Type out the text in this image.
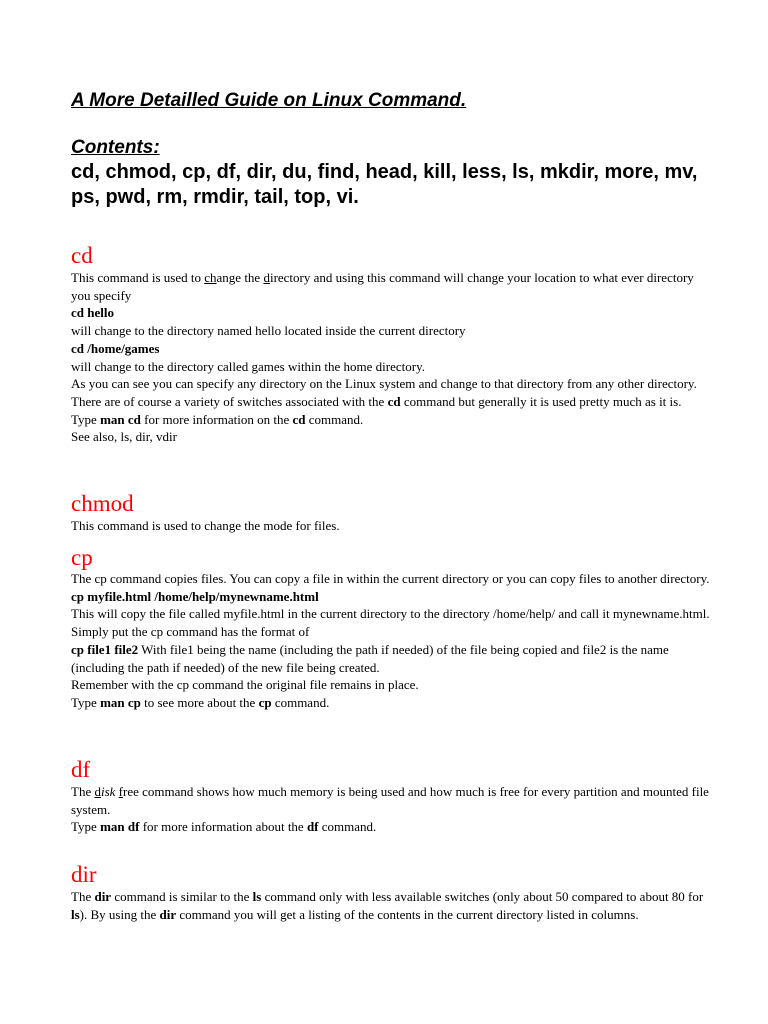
A More Detailled Guide on Linux Command.
Contents:
cd, chmod, cp, df, dir, du, find, head, kill, less, ls, mkdir, more, mv, ps, pwd, rm, rmdir, tail, top, vi.
cd

This command is used to change the directory and using this command will change your location to what ever directory you specify

cd hello

will change to the directory named hello located inside the current directory

cd /home/games

will change to the directory called games within the home directory.

As you can see you can specify any directory on the Linux system and change to that directory from any other directory. There are of course a variety of switches associated with the cd command but generally it is used pretty much as it is.

Type man cd for more information on the cd command.

See also, ls, dir, vdir

chmod

This command is used to change the mode for files.

cp

The cp command copies files. You can copy a file in within the current directory or you can copy files to another directory.

cp myfile.html /home/help/mynewname.html

This will copy the file called myfile.html in the current directory to the directory /home/help/ and call it mynewname.html.

Simply put the cp command has the format of

cp file1 file2 With file1 being the name (including the path if needed) of the file being copied and file2 is the name (including the path if needed) of the new file being created.

Remember with the cp command the original file remains in place.

Type man cp to see more about the cp command.

df

The disk free command shows how much memory is being used and how much is free for every partition and mounted file system.

Type man df for more information about the df command.

dir

The dir command is similar to the ls command only with less available switches (only about 50 compared to about 80 for ls). By using the dir command you will get a listing of the contents in the current directory listed in columns.
